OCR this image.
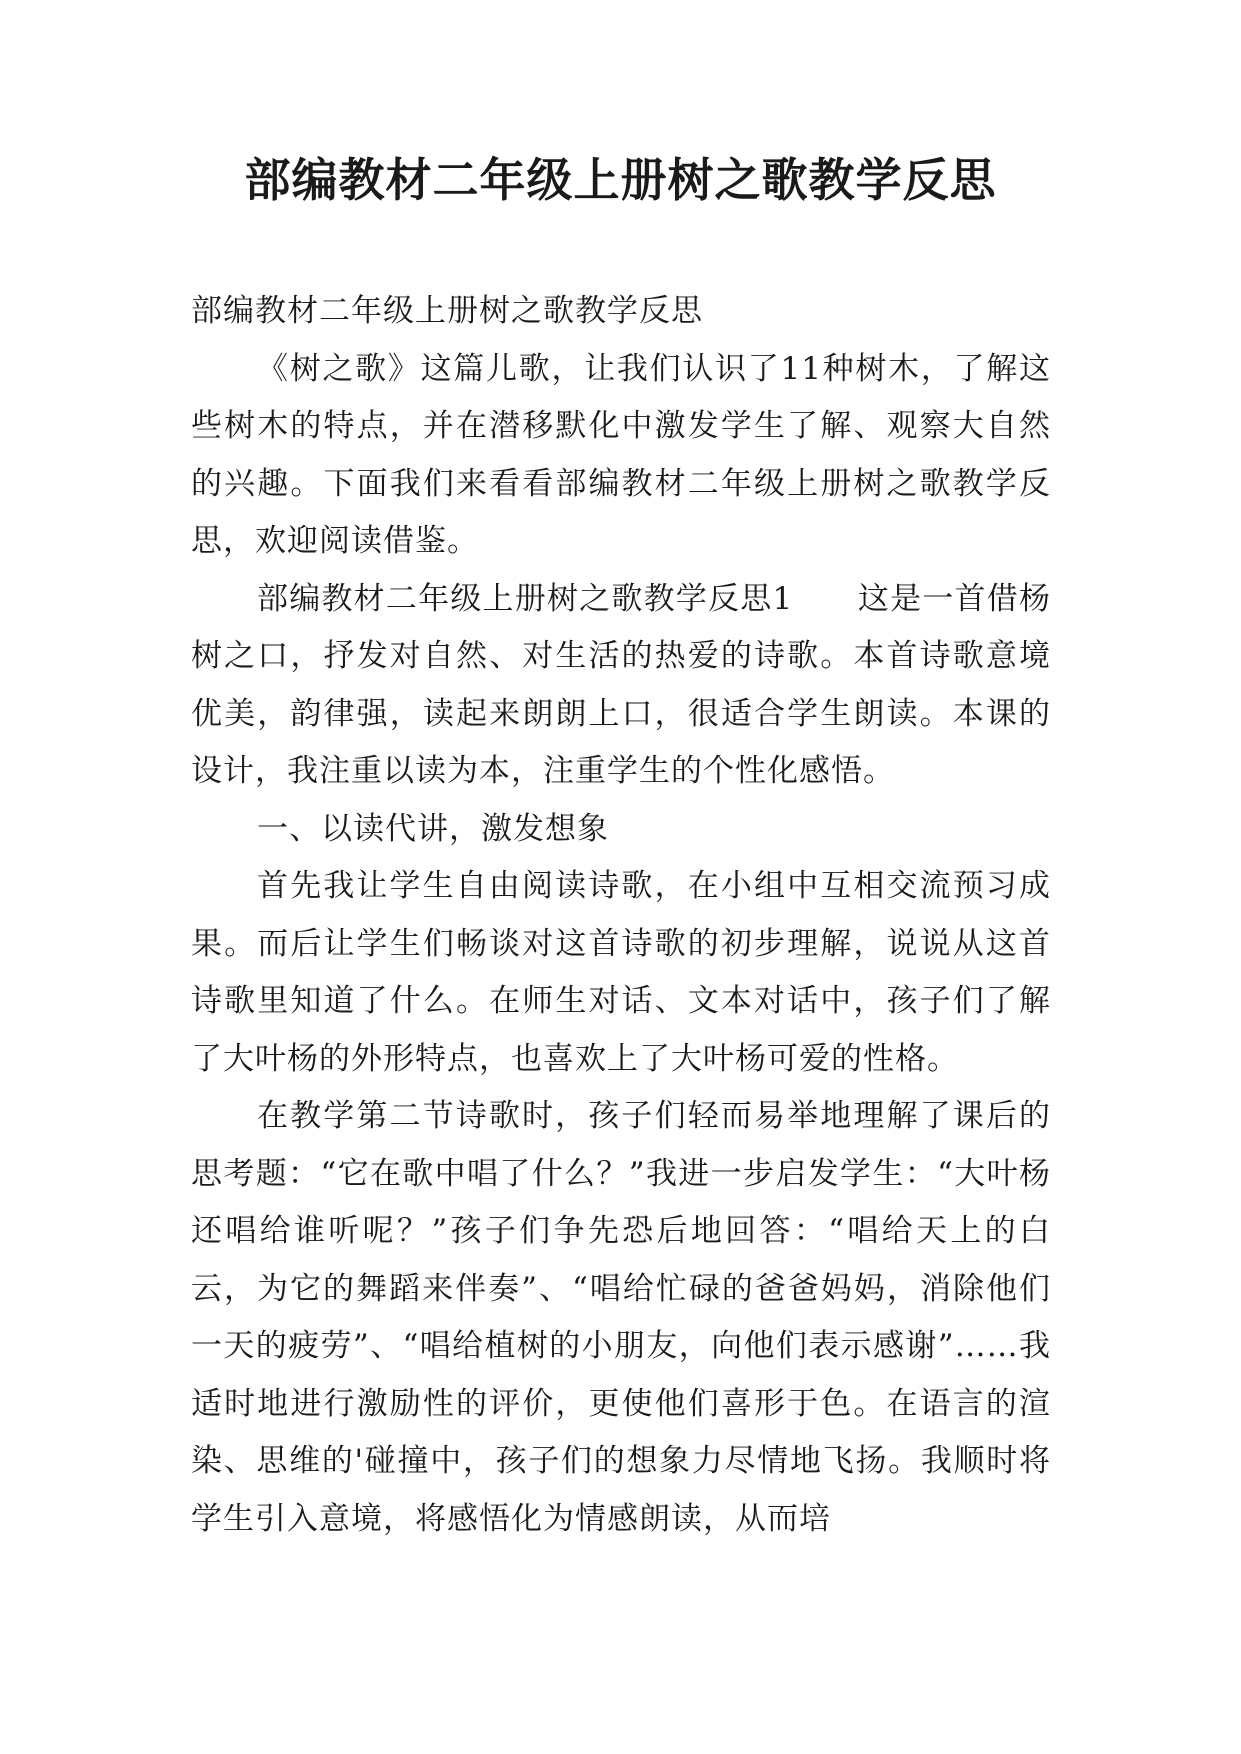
部编教材二年级上册树之歌教学反思

部编教材二年级上册树之歌教学反思

《树之歌》这篇儿歌，让我们认识了11种树木，了解这些树木的特点，并在潜移默化中激发学生了解、观察大自然的兴趣。下面我们来看看部编教材二年级上册树之歌教学反思，欢迎阅读借鉴。

部编教材二年级上册树之歌教学反思1　　这是一首借杨树之口，抒发对自然、对生活的热爱的诗歌。本首诗歌意境优美，韵律强，读起来朗朗上口，很适合学生朗读。本课的设计，我注重以读为本，注重学生的个性化感悟。

一、以读代讲，激发想象

首先我让学生自由阅读诗歌，在小组中互相交流预习成果。而后让学生们畅谈对这首诗歌的初步理解，说说从这首诗歌里知道了什么。在师生对话、文本对话中，孩子们了解了大叶杨的外形特点，也喜欢上了大叶杨可爱的性格。

在教学第二节诗歌时，孩子们轻而易举地理解了课后的思考题：“它在歌中唱了什么？”我进一步启发学生：“大叶杨还唱给谁听呢？”孩子们争先恐后地回答：“唱给天上的白云，为它的舞蹈来伴奏”、“唱给忙碌的爸爸妈妈，消除他们一天的疲劳”、“唱给植树的小朋友，向他们表示感谢”……我适时地进行激励性的评价，更使他们喜形于色。在语言的渲染、思维的'碰撞中，孩子们的想象力尽情地飞扬。我顺时将学生引入意境，将感悟化为情感朗读，从而培
